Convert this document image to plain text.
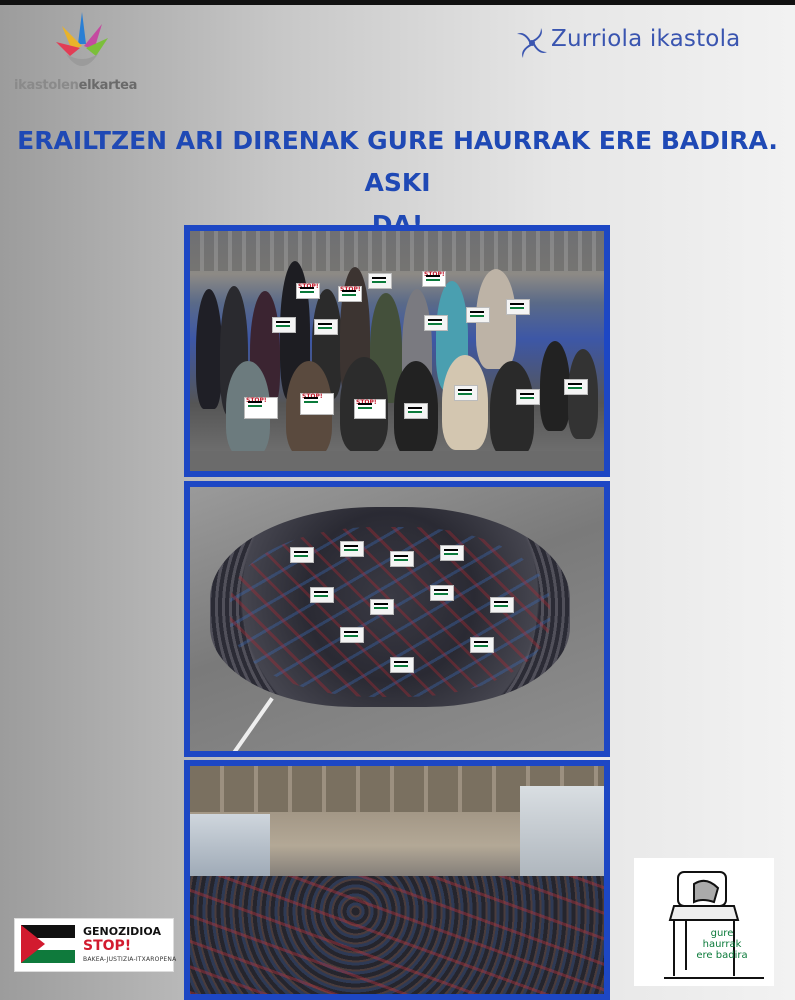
ikastolenelkartea
Zurriola ikastola
ERAILTZEN ARI DIRENAK GURE HAURRAK ERE BADIRA. ASKI
STOP!
STOP!
STOP!
STOP!
STOP!
STOP!
GENOZIDIOA
STOP!
BAKEA-JUSTIZIA-ITXAROPENA
gure
haurrak
ere badira
